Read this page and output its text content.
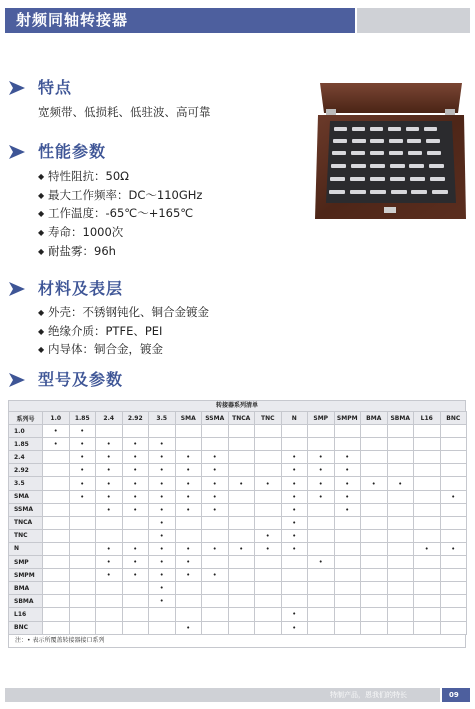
射频同轴转接器
特点
宽频带、低损耗、低驻波、高可靠
性能参数
◆ 特性阻抗：50Ω
◆ 最大工作频率：DC～110GHz
◆ 工作温度：-65℃～+165℃
◆ 寿命：1000次
◆ 耐盐雾：96h
材料及表层
◆ 外壳：不锈钢钝化、铜合金镀金
◆ 绝缘介质：PTFE、PEI
◆ 内导体：铜合金，镀金
型号及参数
转接器系列清单
系列号	1.0	1.85	2.4	2.92	3.5	SMA	SSMA	TNCA	TNC	N	SMP	SMPM	BMA	SBMA	L16	BNC
1.0	•	•														
1.85	•	•	•	•	•											
2.4		•	•	•	•	•	•			•	•	•				
2.92		•	•	•	•	•	•			•	•	•				
3.5		•	•	•	•	•	•	•	•	•	•	•	•	•		
SMA		•	•	•	•	•	•			•	•	•				•
SSMA			•	•	•	•	•			•		•				
TNCA					•					•						
TNC					•				•	•						
N			•	•	•	•	•	•	•	•					•	•
SMP			•	•	•	•					•					
SMPM			•	•	•	•	•									
BMA					•											
SBMA					•											
L16										•						
BNC						•				•						
注：• 表示所覆盖转接器接口系列
特制产品，恩我们的特长	09
